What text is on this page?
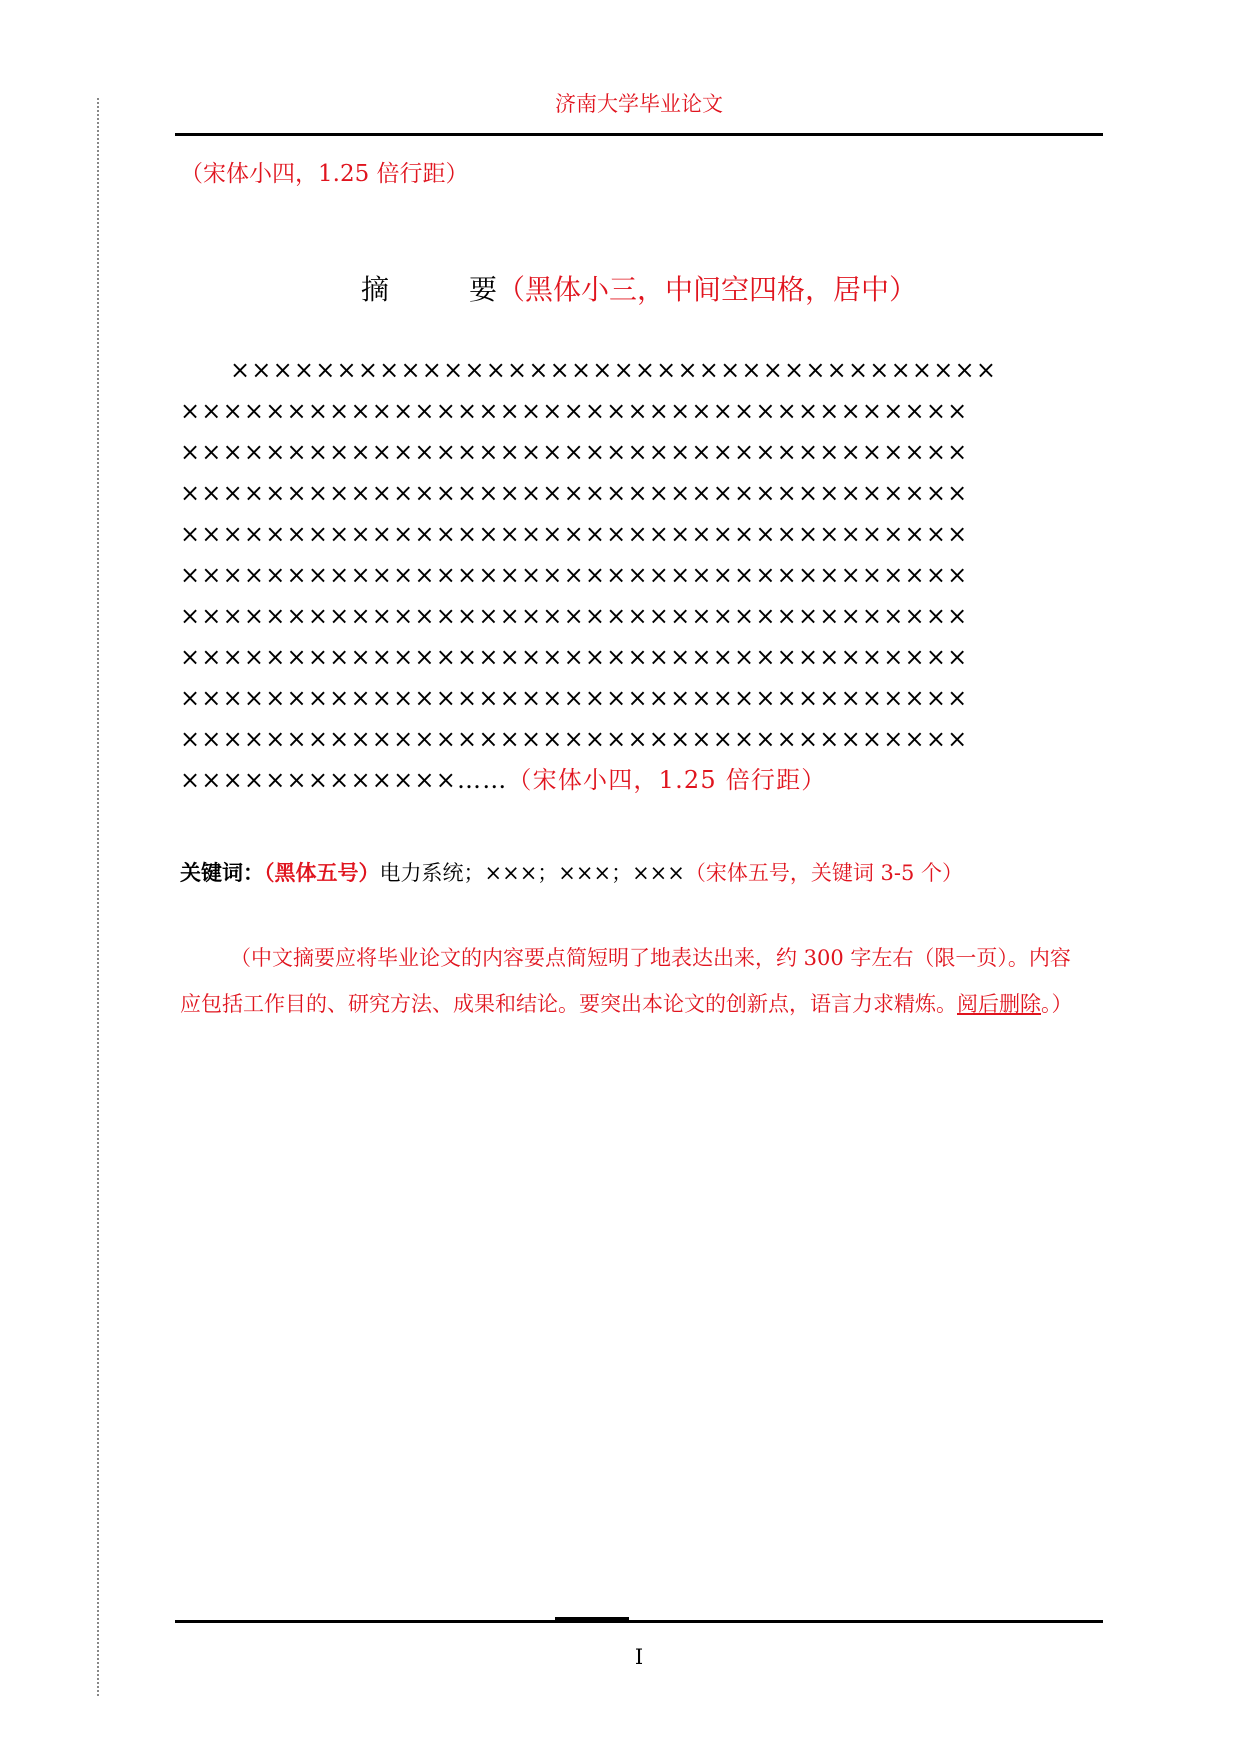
济南大学毕业论文
（宋体小四，1.25 倍行距）
摘	要（黑体小三，中间空四格，居中）
××××××××××××××××××××××××××××××××××××
×××××××××××××××××××××××××××××××××××××
×××××××××××××××××××××××××××××××××××××
×××××××××××××××××××××××××××××××××××××
×××××××××××××××××××××××××××××××××××××
×××××××××××××××××××××××××××××××××××××
×××××××××××××××××××××××××××××××××××××
×××××××××××××××××××××××××××××××××××××
×××××××××××××××××××××××××××××××××××××
×××××××××××××××××××××××××××××××××××××
×××××××××××××……（宋体小四，1.25 倍行距）
关键词：（黑体五号）电力系统；×××；×××；×××（宋体五号，关键词 3-5 个）
（中文摘要应将毕业论文的内容要点简短明了地表达出来，约 300 字左右（限一页）。内容
应包括工作目的、研究方法、成果和结论。要突出本论文的创新点，语言力求精炼。阅后删除。）
I
